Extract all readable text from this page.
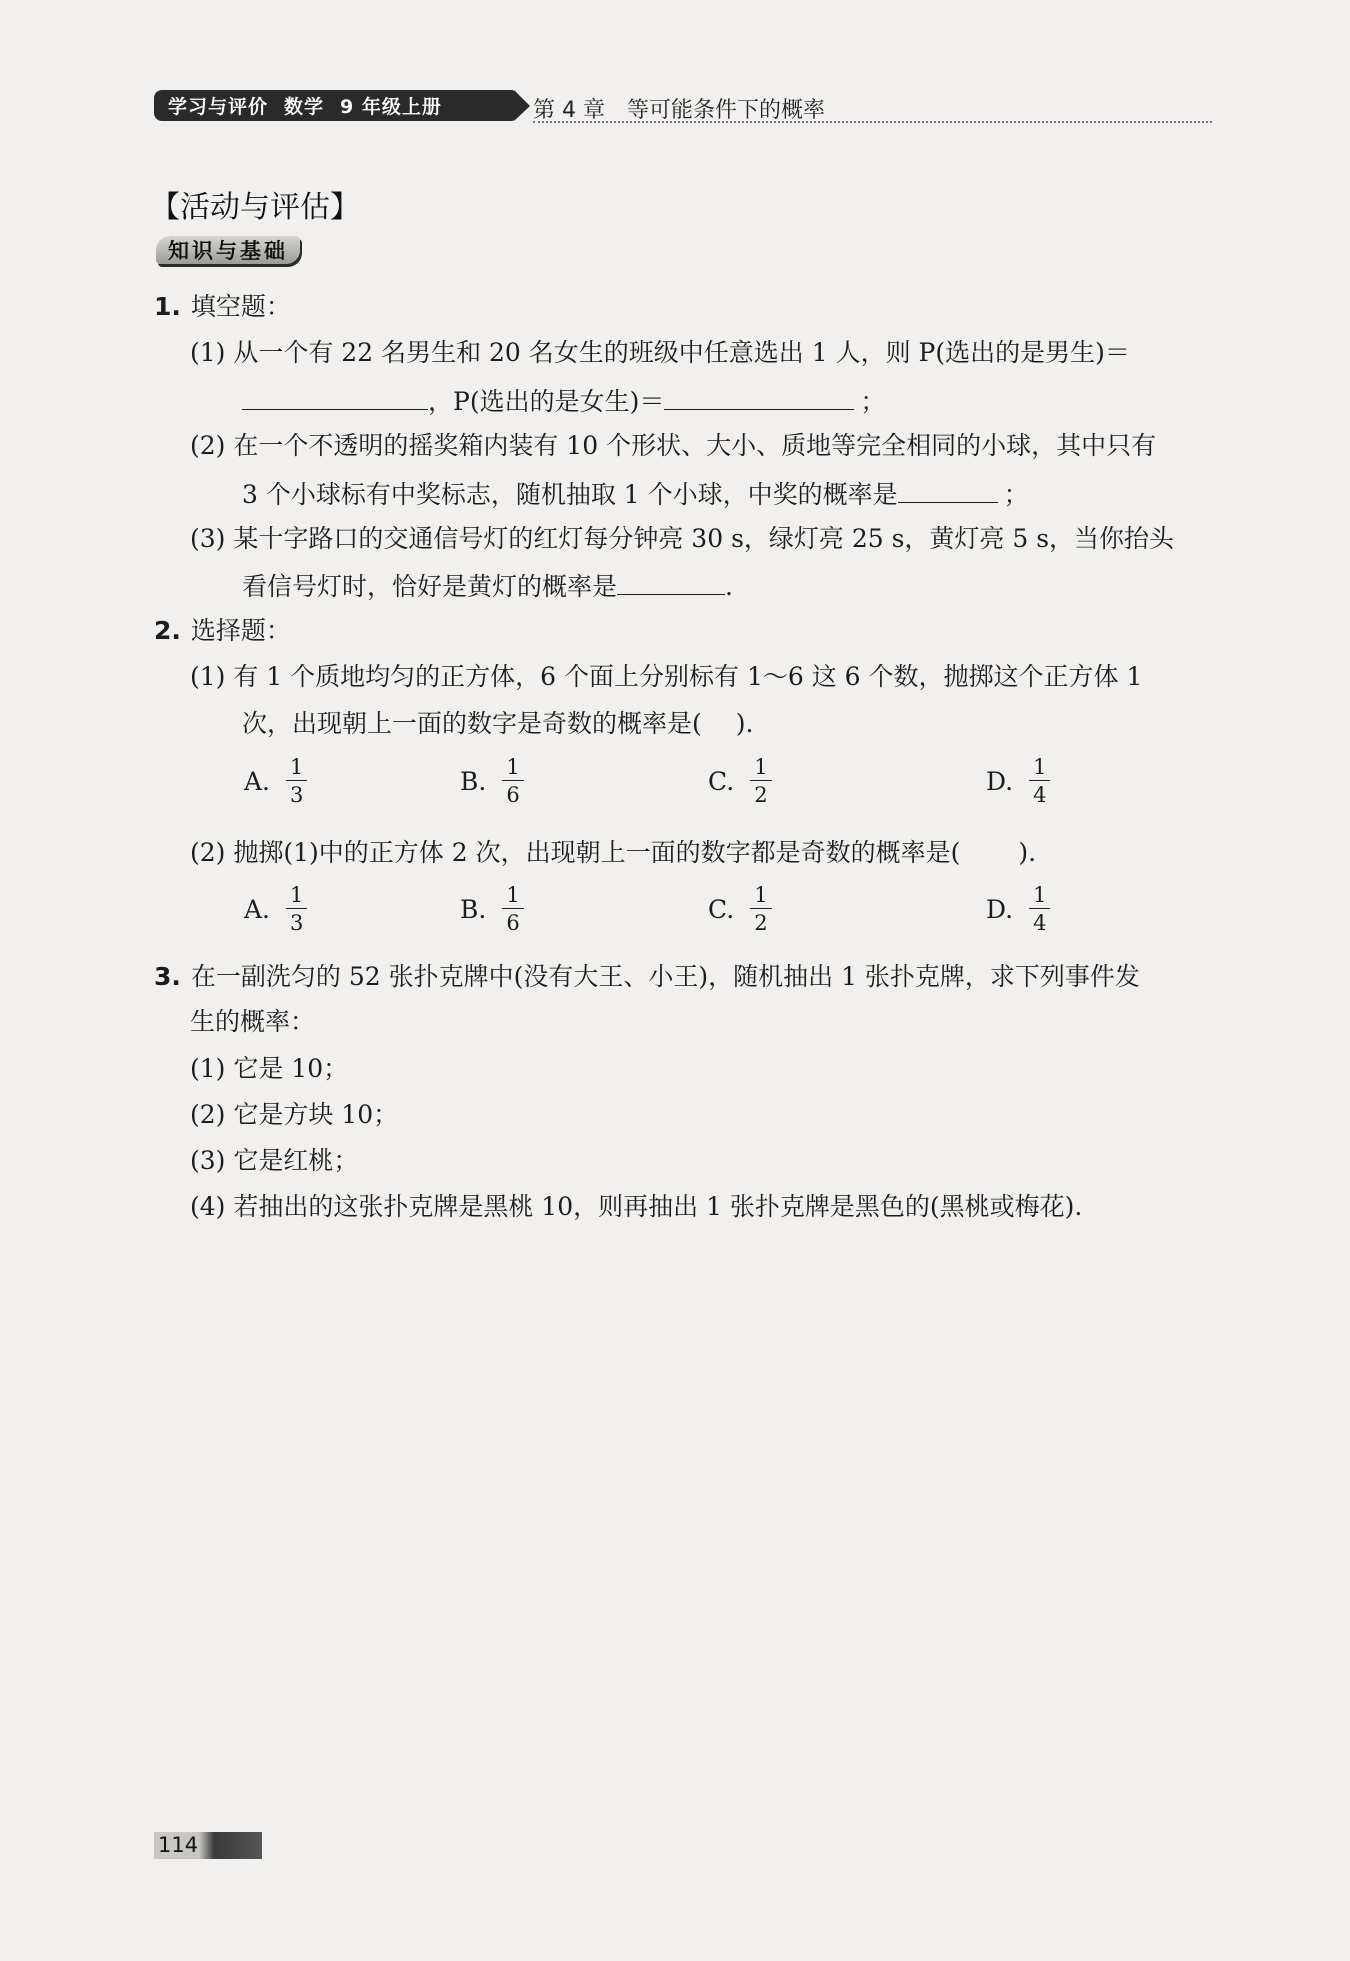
学习与评价 数学 9 年级上册	第 4 章 等可能条件下的概率
【活动与评估】
知识与基础
1. 填空题：
(1) 从一个有 22 名男生和 20 名女生的班级中任意选出 1 人，则 P(选出的是男生)＝
，P(选出的是女生)＝	；
(2) 在一个不透明的摇奖箱内装有 10 个形状、大小、质地等完全相同的小球，其中只有
3 个小球标有中奖标志，随机抽取 1 个小球，中奖的概率是	；
(3) 某十字路口的交通信号灯的红灯每分钟亮 30 s，绿灯亮 25 s，黄灯亮 5 s，当你抬头
看信号灯时，恰好是黄灯的概率是	.
2. 选择题：
(1) 有 1 个质地均匀的正方体，6 个面上分别标有 1～6 这 6 个数，抛掷这个正方体 1
次，出现朝上一面的数字是奇数的概率是( ).
A. $\frac{1}{3}$	B. $\frac{1}{6}$	C. $\frac{1}{2}$	D. $\frac{1}{4}$
(2) 抛掷(1)中的正方体 2 次，出现朝上一面的数字都是奇数的概率是( ).
A. $\frac{1}{3}$	B. $\frac{1}{6}$	C. $\frac{1}{2}$	D. $\frac{1}{4}$
3. 在一副洗匀的 52 张扑克牌中(没有大王、小王)，随机抽出 1 张扑克牌，求下列事件发
生的概率：
(1) 它是 10；
(2) 它是方块 10；
(3) 它是红桃；
(4) 若抽出的这张扑克牌是黑桃 10，则再抽出 1 张扑克牌是黑色的(黑桃或梅花).
114
